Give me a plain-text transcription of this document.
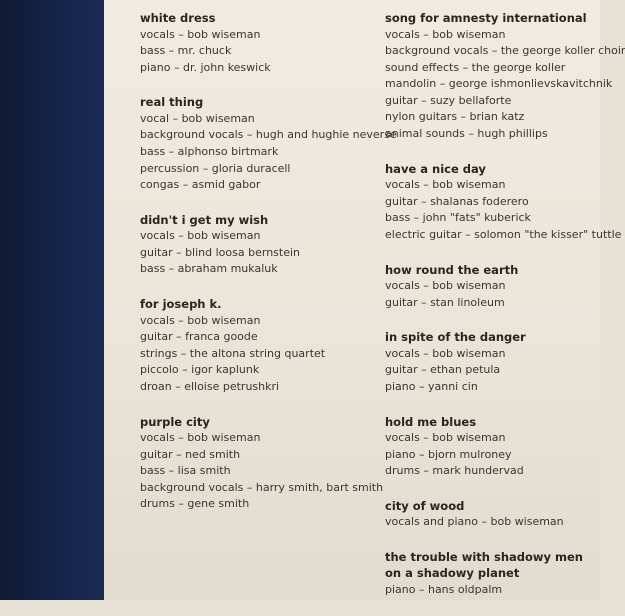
white dress

vocals – bob wiseman

bass – mr. chuck

piano – dr. john keswick

real thing

vocal – bob wiseman

background vocals – hugh and hughie neverse

bass – alphonso birtmark

percussion – gloria duracell

congas – asmid gabor

didn't i get my wish

vocals – bob wiseman

guitar – blind loosa bernstein

bass – abraham mukaluk

for joseph k.

vocals – bob wiseman

guitar – franca goode

strings – the altona string quartet

piccolo – igor kaplunk

droan – elloise petrushkri

purple city

vocals – bob wiseman

guitar – ned smith

bass – lisa smith

background vocals – harry smith, bart smith

drums – gene smith

song for amnesty international

vocals – bob wiseman

background vocals – the george koller choir

sound effects – the george koller

mandolin – george ishmonlievskavitchnik

guitar – suzy bellaforte

nylon guitars – brian katz

animal sounds – hugh phillips

have a nice day

vocals – bob wiseman

guitar – shalanas foderero

bass – john "fats" kuberick

electric guitar – solomon "the kisser" tuttle

how round the earth

vocals – bob wiseman

guitar – stan linoleum

in spite of the danger

vocals – bob wiseman

guitar – ethan petula

piano – yanni cin

hold me blues

vocals – bob wiseman

piano – bjorn mulroney

drums – mark hundervad

city of wood

vocals and piano – bob wiseman

the trouble with shadowy men on a shadowy planet

piano – hans oldpalm
